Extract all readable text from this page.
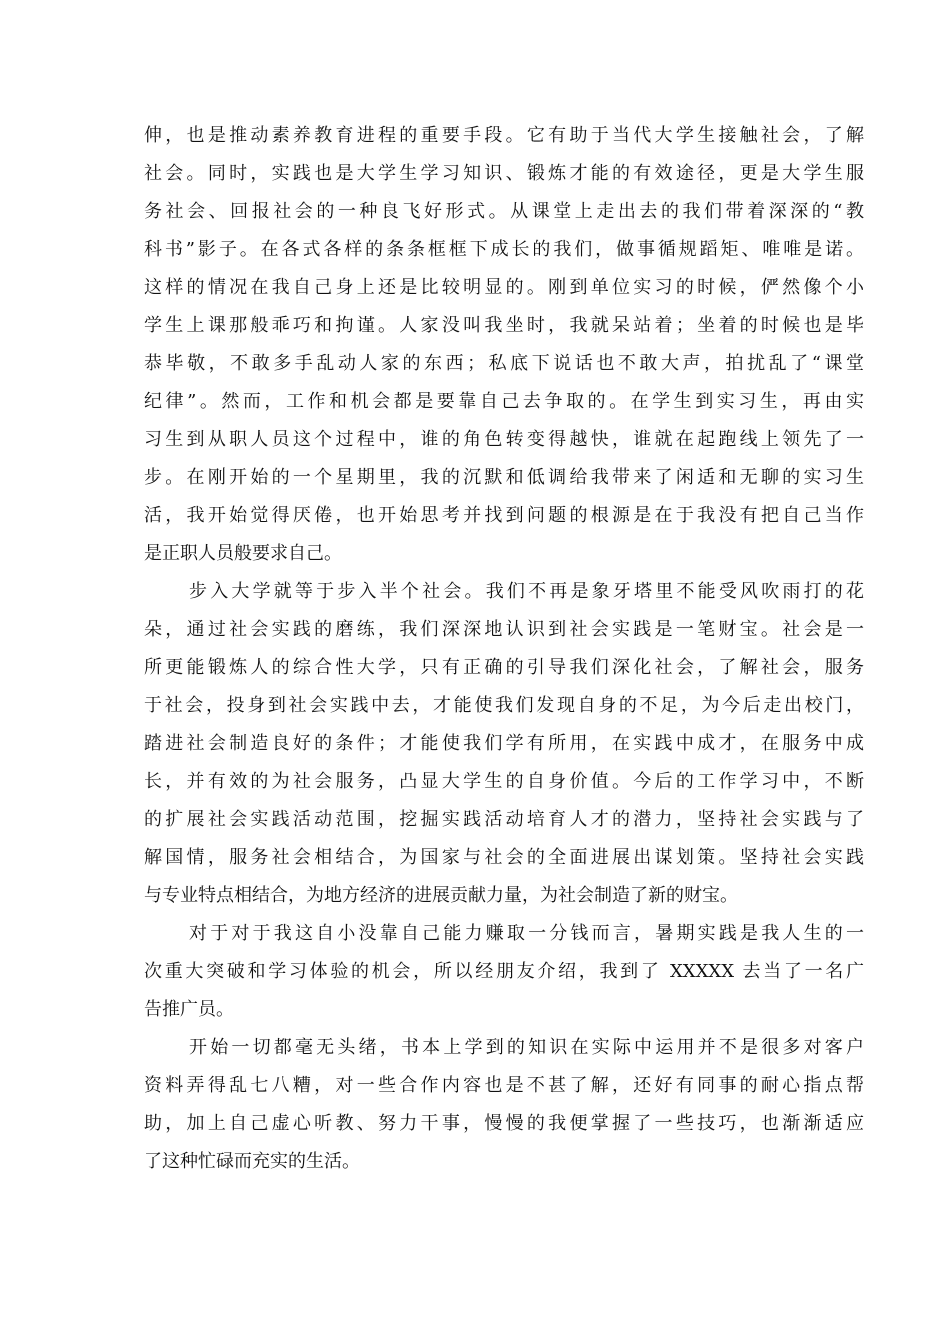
伸，也是推动素养教育进程的重要手段。它有助于当代大学生接触社会，了解
社会。同时，实践也是大学生学习知识、锻炼才能的有效途径，更是大学生服
务社会、回报社会的一种良飞好形式。从课堂上走出去的我们带着深深的“教
科书”影子。在各式各样的条条框框下成长的我们，做事循规蹈矩、唯唯是诺。
这样的情况在我自己身上还是比较明显的。刚到单位实习的时候，俨然像个小
学生上课那般乖巧和拘谨。人家没叫我坐时，我就呆站着；坐着的时候也是毕
恭毕敬，不敢多手乱动人家的东西；私底下说话也不敢大声，拍扰乱了“课堂
纪律”。然而，工作和机会都是要靠自己去争取的。在学生到实习生，再由实
习生到从职人员这个过程中，谁的角色转变得越快，谁就在起跑线上领先了一
步。在刚开始的一个星期里，我的沉默和低调给我带来了闲适和无聊的实习生
活，我开始觉得厌倦，也开始思考并找到问题的根源是在于我没有把自己当作
是正职人员般要求自己。
步入大学就等于步入半个社会。我们不再是象牙塔里不能受风吹雨打的花
朵，通过社会实践的磨练，我们深深地认识到社会实践是一笔财宝。社会是一
所更能锻炼人的综合性大学，只有正确的引导我们深化社会，了解社会，服务
于社会，投身到社会实践中去，才能使我们发现自身的不足，为今后走出校门，
踏进社会制造良好的条件；才能使我们学有所用，在实践中成才，在服务中成
长，并有效的为社会服务，凸显大学生的自身价值。今后的工作学习中，不断
的扩展社会实践活动范围，挖掘实践活动培育人才的潜力，坚持社会实践与了
解国情，服务社会相结合，为国家与社会的全面进展出谋划策。坚持社会实践
与专业特点相结合，为地方经济的进展贡献力量，为社会制造了新的财宝。
对于对于我这自小没靠自己能力赚取一分钱而言，暑期实践是我人生的一
次重大突破和学习体验的机会，所以经朋友介绍，我到了 XXXXX 去当了一名广
告推广员。
开始一切都毫无头绪，书本上学到的知识在实际中运用并不是很多对客户
资料弄得乱七八糟，对一些合作内容也是不甚了解，还好有同事的耐心指点帮
助，加上自己虚心听教、努力干事，慢慢的我便掌握了一些技巧，也渐渐适应
了这种忙碌而充实的生活。
